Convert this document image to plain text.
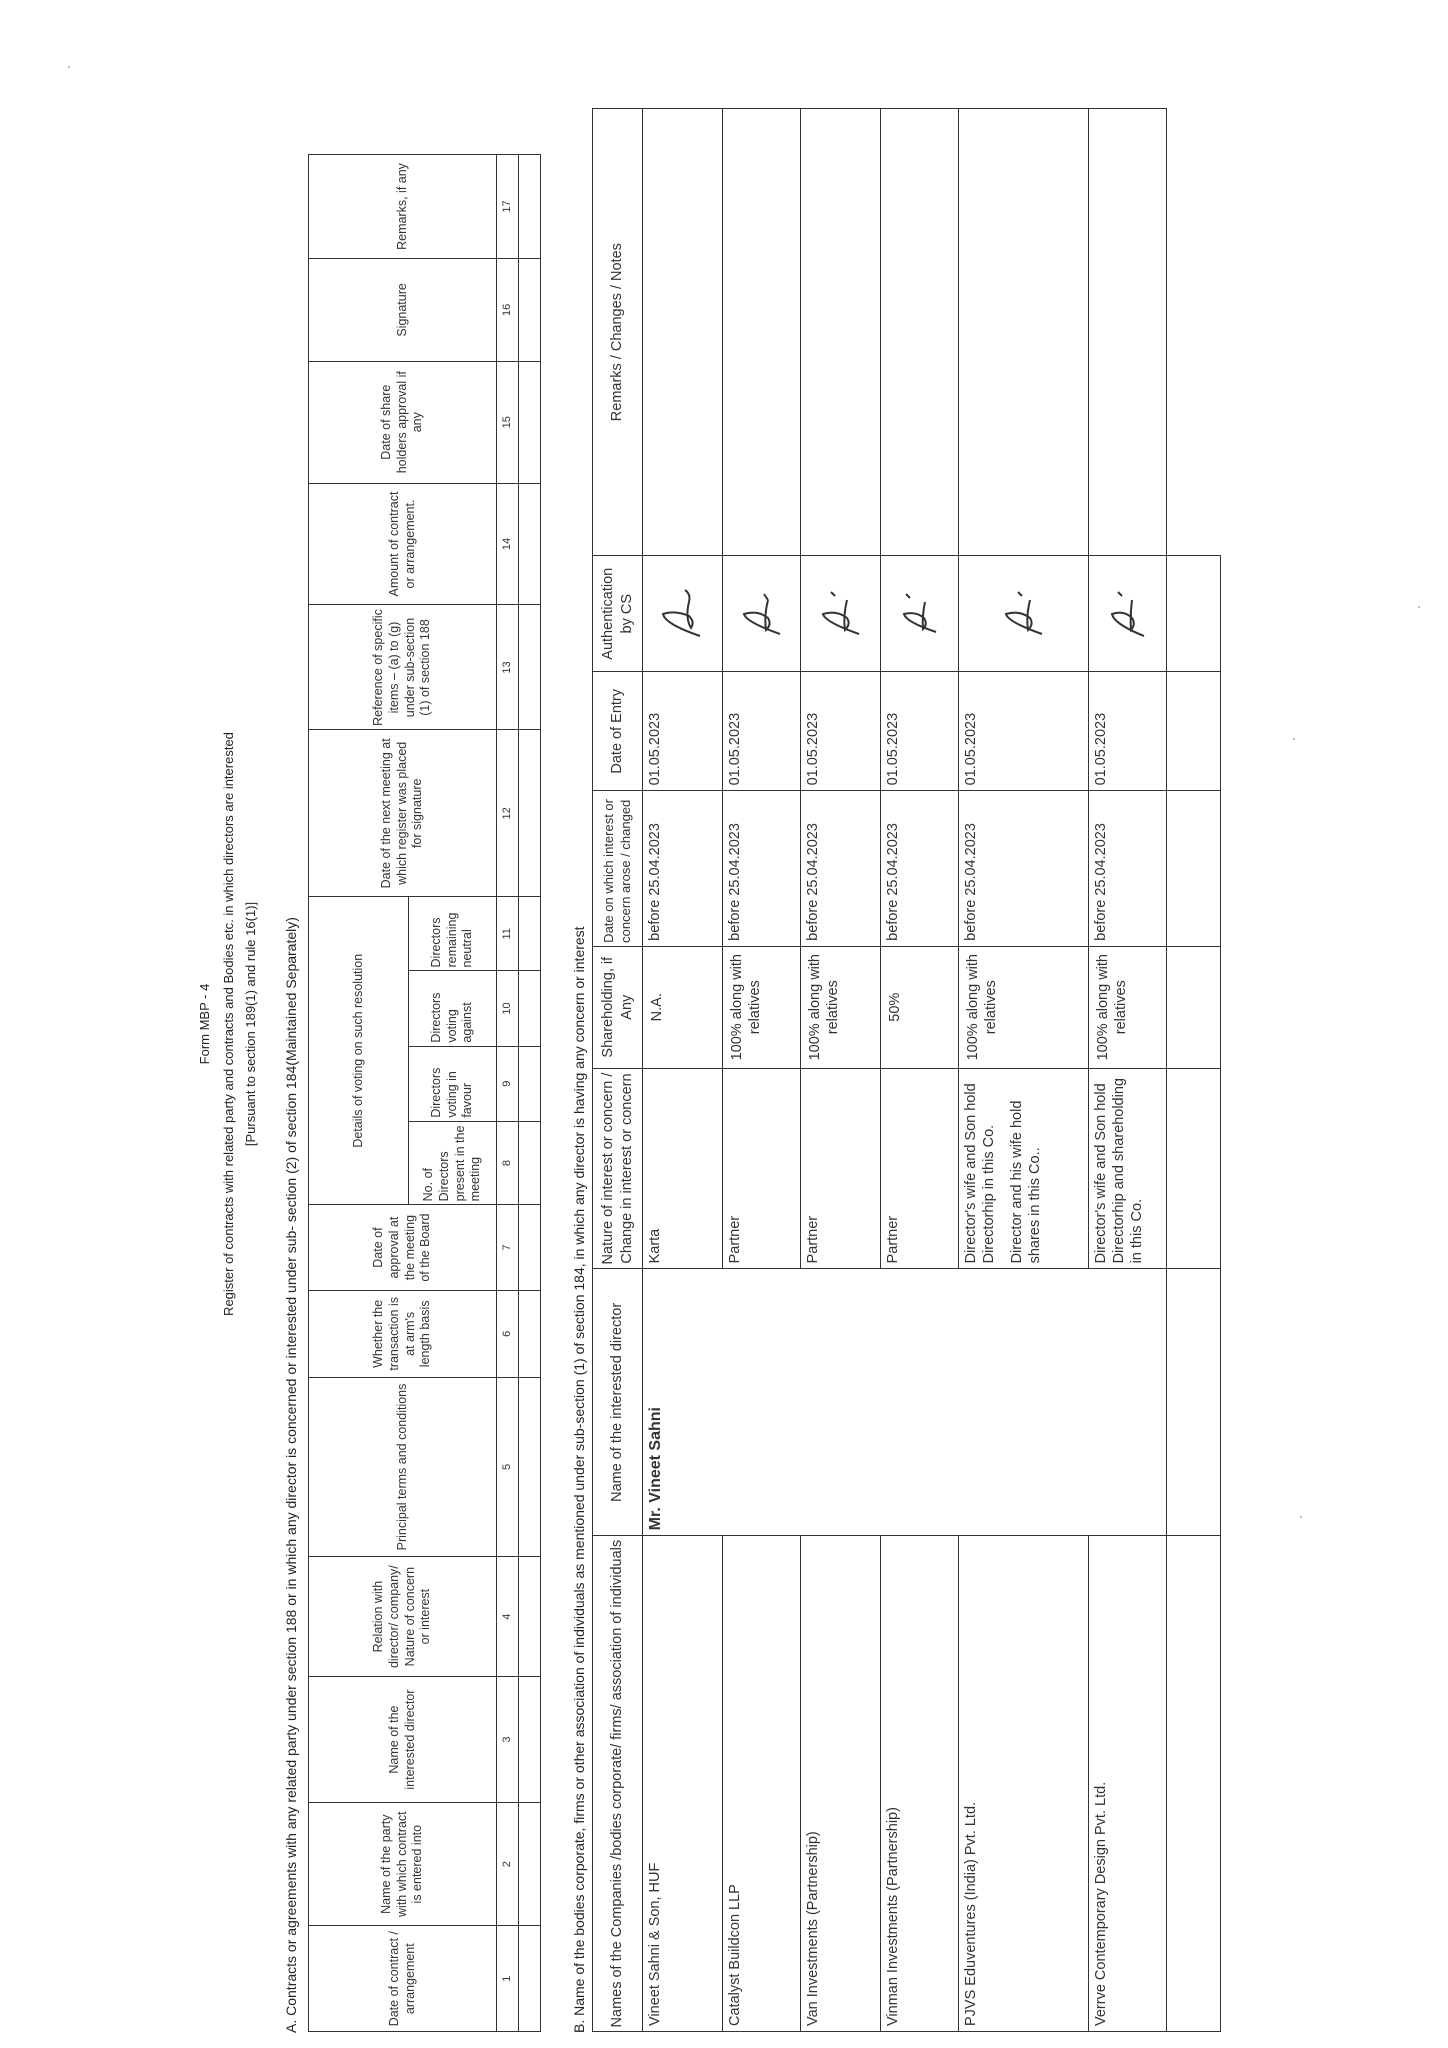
Form MBP - 4 Register of contracts with related party and contracts and Bodies etc. in which directors are interested [Pursuant to section 189(1) and rule 16(1)] A. Contracts or agreements with any related party under section 188 or in which any director is concerned or interested under sub- section (2) of section 184(Maintained Separately)	Date of contract / arrangement	Name of the party with which contract is entered into	Name of the interested director	Relation with director/ company/ Nature of concern or interest	Principal terms and conditions	Whether the transaction is at arm's length basis	Date of approval at the meeting of the Board	Details of voting on such resolution				Date of the next meeting at which register was placed for signature	Reference of specific items – (a) to (g) under sub-section (1) of section 188	Amount of contract or arrangement.	Date of share holders approval if any	Signature	Remarks, if any
							No. of Directors present in the meeting	Directors voting in favour	Directors voting against	Directors remaining neutral						
1	2	3	4	5	6	7	8	9	10	11	12	13	14	15	16	17

B. Name of the bodies corporate, firms or other association of individuals as mentioned under sub-section (1) of section 184, in which any director is having any concern or interest Names of the Companies /bodies corporate/ firms/ association of individuals	Name of the interested director	Nature of interest or concern / Change in interest or concern	Shareholding, if Any	Date on which interest or concern arose / changed	Date of Entry	Authentication by CS	Remarks / Changes / Notes
Vineet Sahni & Son, HUF	Mr. Vineet Sahni	Karta	N.A.	before 25.04.2023	01.05.2023	

Catalyst Buildcon LLP		Partner	100% along with relatives	before 25.04.2023	01.05.2023	

Van Investments (Partnership)		Partner	100% along with relatives	before 25.04.2023	01.05.2023	

Vinman Investments (Partnership)		Partner	50%	before 25.04.2023	01.05.2023	

PJVS Eduventures (India) Pvt. Ltd.		Director's wife and Son hold Directorhip in this Co. Director and his wife hold shares in this Co..	100% along with relatives	before 25.04.2023	01.05.2023	

Verrve Contemporary Design Pvt. Ltd.		Director's wife and Son hold Directorhip and shareholding in this Co.	100% along with relatives	before 25.04.2023	01.05.2023	
